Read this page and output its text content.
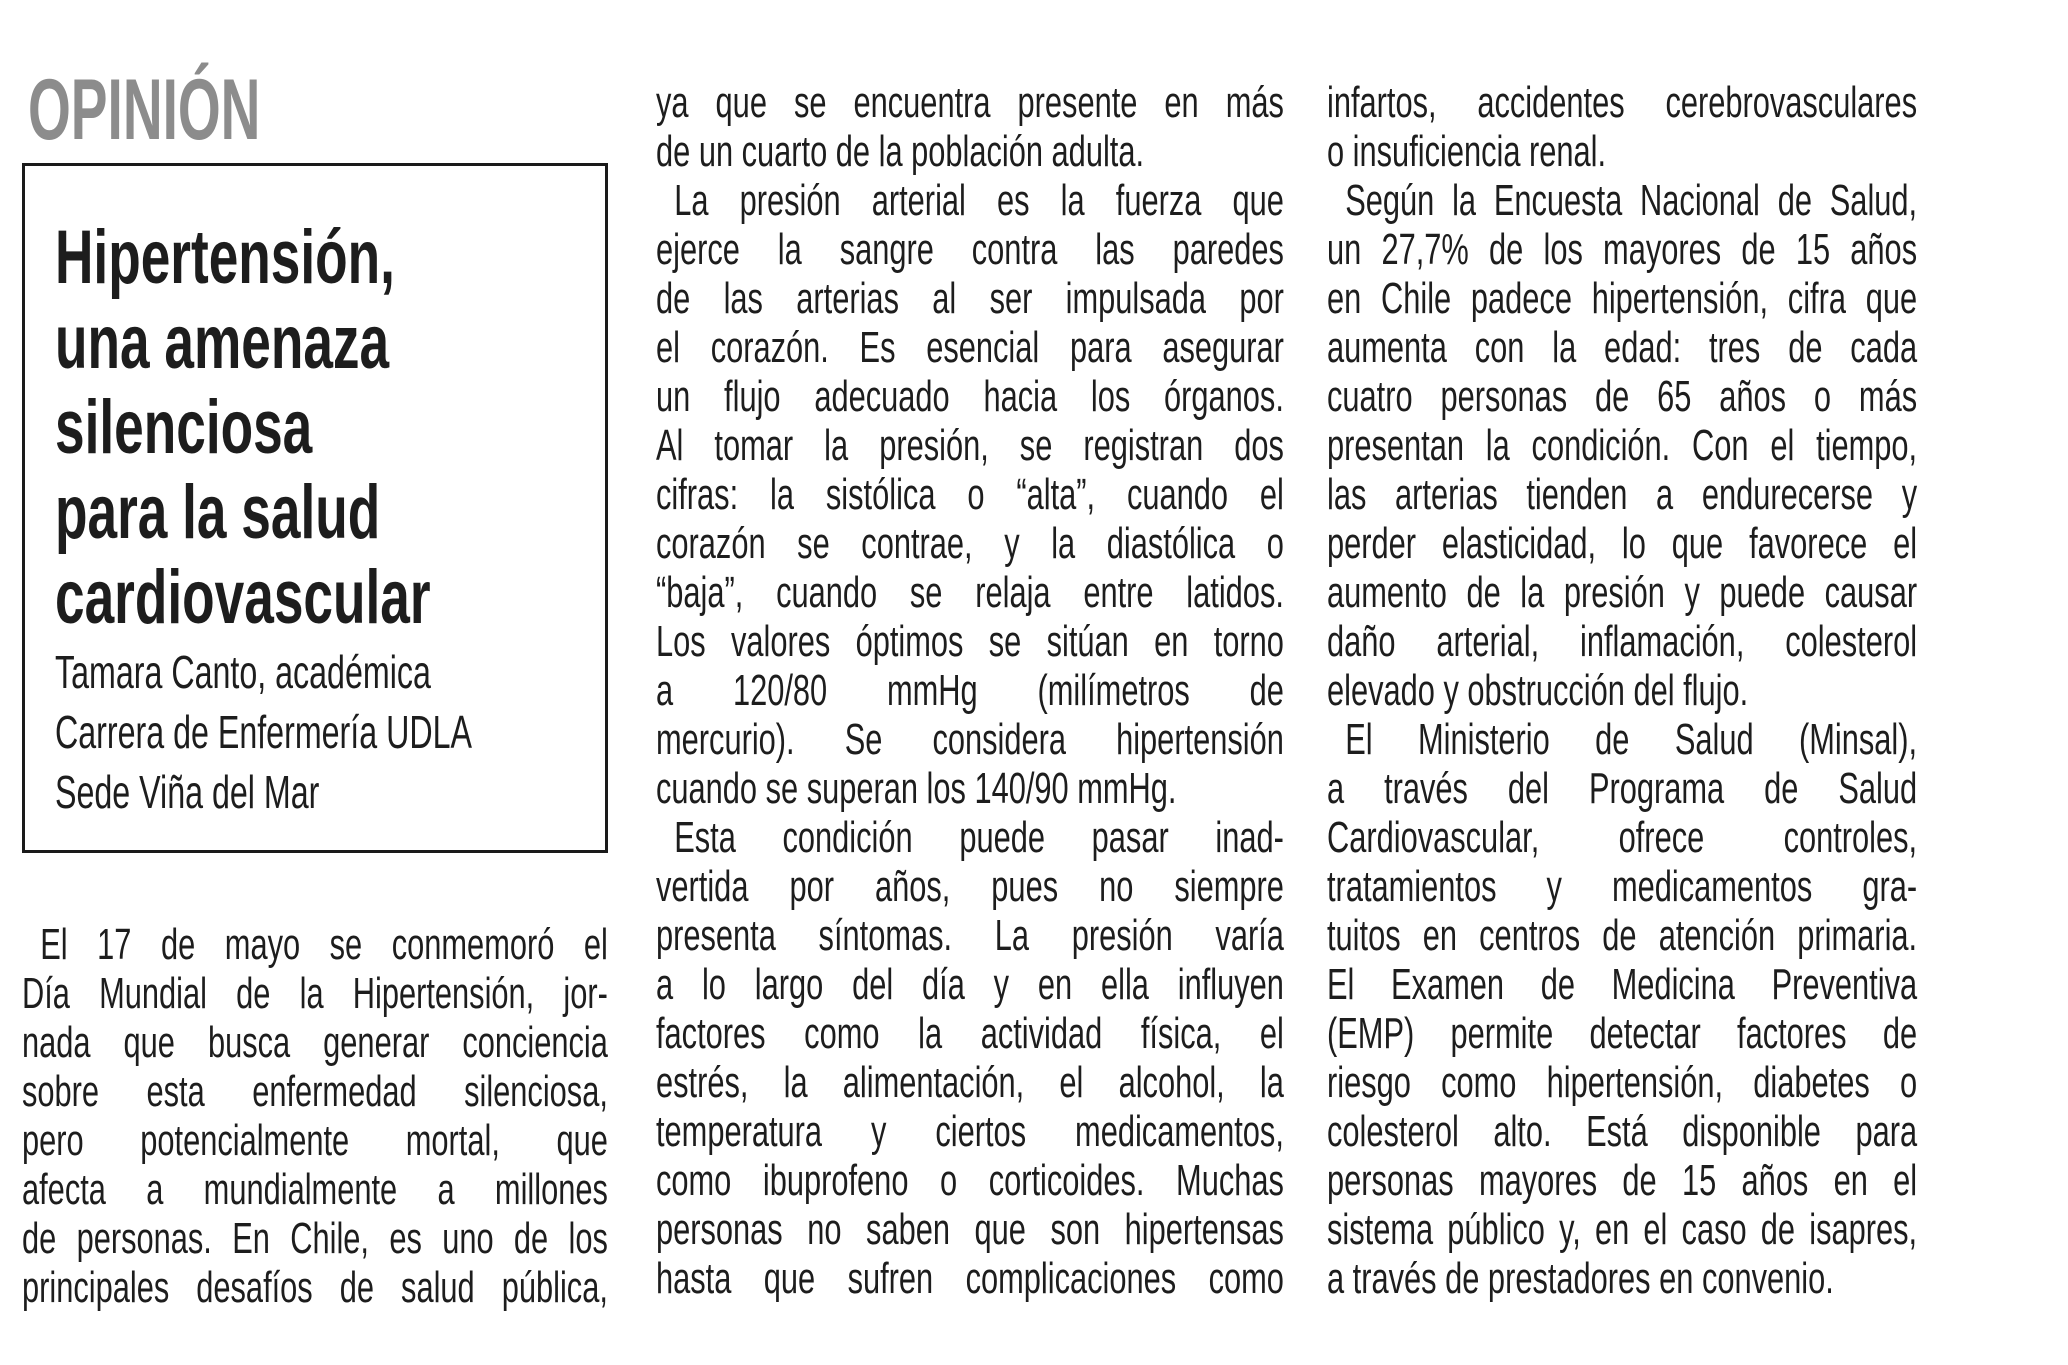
OPINIÓN
Hipertensión,
una amenaza
silenciosa
para la salud
cardiovascular
Tamara Canto, académica
Carrera de Enfermería UDLA
Sede Viña del Mar
El 17 de mayo se conmemoró el
Día Mundial de la Hipertensión, jor-
nada que busca generar conciencia
sobre esta enfermedad silenciosa,
pero potencialmente mortal, que
afecta a mundialmente a millones
de personas. En Chile, es uno de los
principales desafíos de salud pública,
ya que se encuentra presente en más
de un cuarto de la población adulta.
La presión arterial es la fuerza que
ejerce la sangre contra las paredes
de las arterias al ser impulsada por
el corazón. Es esencial para asegurar
un flujo adecuado hacia los órganos.
Al tomar la presión, se registran dos
cifras: la sistólica o “alta”, cuando el
corazón se contrae, y la diastólica o
“baja”, cuando se relaja entre latidos.
Los valores óptimos se sitúan en torno
a 120/80 mmHg (milímetros de
mercurio). Se considera hipertensión
cuando se superan los 140/90 mmHg.
Esta condición puede pasar inad-
vertida por años, pues no siempre
presenta síntomas. La presión varía
a lo largo del día y en ella influyen
factores como la actividad física, el
estrés, la alimentación, el alcohol, la
temperatura y ciertos medicamentos,
como ibuprofeno o corticoides. Muchas
personas no saben que son hipertensas
hasta que sufren complicaciones como
infartos, accidentes cerebrovasculares
o insuficiencia renal.
Según la Encuesta Nacional de Salud,
un 27,7% de los mayores de 15 años
en Chile padece hipertensión, cifra que
aumenta con la edad: tres de cada
cuatro personas de 65 años o más
presentan la condición. Con el tiempo,
las arterias tienden a endurecerse y
perder elasticidad, lo que favorece el
aumento de la presión y puede causar
daño arterial, inflamación, colesterol
elevado y obstrucción del flujo.
El Ministerio de Salud (Minsal),
a través del Programa de Salud
Cardiovascular, ofrece controles,
tratamientos y medicamentos gra-
tuitos en centros de atención primaria.
El Examen de Medicina Preventiva
(EMP) permite detectar factores de
riesgo como hipertensión, diabetes o
colesterol alto. Está disponible para
personas mayores de 15 años en el
sistema público y, en el caso de isapres,
a través de prestadores en convenio.
